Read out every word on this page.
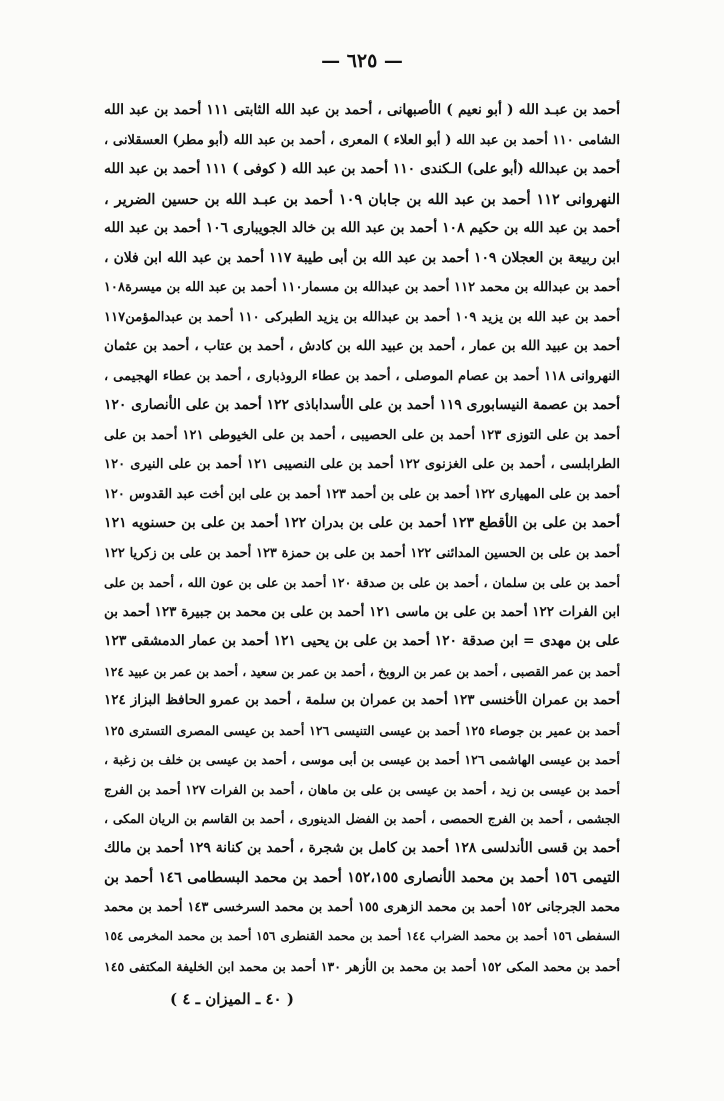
— ٦٢٥ —
أحمد بن عبـد الله ( أبو نعيم ) الأصبهانى ، أحمد بن عبد الله الثابتى ١١١ أحمد بن عبد الله
الشامى ١١٠ أحمد بن عبد الله ( أبو العلاء ) المعرى ، أحمد بن عبد الله (أبو مطر) العسقلانى ،
أحمد بن عبدالله (أبو على) الـكندى ١١٠ أحمد بن عبد الله ( كوفى ) ١١١ أحمد بن عبد الله
النهروانى ١١٢ أحمد بن عبد الله بن جابان ١٠٩ أحمد بن عبـد الله بن حسين الضرير ،
أحمد بن عبد الله بن حكيم ١٠٨ أحمد بن عبد الله بن خالد الجويبارى ١٠٦ أحمد بن عبد الله
ابن ربيعة بن العجلان ١٠٩ أحمد بن عبد الله بن أبى طيبة ١١٧ أحمد بن عبد الله ابن فلان ،
أحمد بن عبدالله بن محمد ١١٢ أحمد بن عبدالله بن مسمار١١٠ أحمد بن عبد الله بن ميسرة١٠٨
أحمد بن عبد الله بن يزيد ١٠٩ أحمد بن عبدالله بن يزيد الطبركى ١١٠ أحمد بن عبدالمؤمن١١٧
أحمد بن عبيد الله بن عمار ، أحمد بن عبيد الله بن كادش ، أحمد بن عتاب ، أحمد بن عثمان
النهروانى ١١٨ أحمد بن عصام الموصلى ، أحمد بن عطاء الروذبارى ، أحمد بن عطاء الهجيمى ،
أحمد بن عصمة النيسابورى ١١٩ أحمد بن على الأسداباذى ١٢٢ أحمد بن على الأنصارى ١٢٠
أحمد بن على التوزى ١٢٣ أحمد بن على الحصيبى ، أحمد بن على الخيوطى ١٢١ أحمد بن على
الطرابلسى ، أحمد بن على الغزنوى ١٢٢ أحمد بن على النصيبى ١٢١ أحمد بن على النيرى ١٢٠
أحمد بن على المهيارى ١٢٢ أحمد بن على بن أحمد ١٢٣ أحمد بن على ابن أخت عبد القدوس ١٢٠
أحمد بن على بن الأقطع ١٢٣ أحمد بن على بن بدران ١٢٢ أحمد بن على بن حسنويه ١٢١
أحمد بن على بن الحسين المدائنى ١٢٢ أحمد بن على بن حمزة ١٢٣ أحمد بن على بن زكريا ١٢٢
أحمد بن على بن سلمان ، أحمد بن على بن صدقة ١٢٠ أحمد بن على بن عون الله ، أحمد بن على
ابن الفرات ١٢٢ أحمد بن على بن ماسى ١٢١ أحمد بن على بن محمد بن جبيرة ١٢٣ أحمد بن
على بن مهدى = ابن صدقة ١٢٠ أحمد بن على بن يحيى ١٢١ أحمد بن عمار الدمشقى ١٢٣
أحمد بن عمر القصبى ، أحمد بن عمر بن الروبخ ، أحمد بن عمر بن سعيد ، أحمد بن عمر بن عبيد ١٢٤
أحمد بن عمران الأخنسى ١٢٣ أحمد بن عمران بن سلمة ، أحمد بن عمرو الحافظ البزاز ١٢٤
أحمد بن عمير بن جوصاء ١٢٥ أحمد بن عيسى التنيسى ١٢٦ أحمد بن عيسى المصرى التسترى ١٢٥
أحمد بن عيسى الهاشمى ١٢٦ أحمد بن عيسى بن أبى موسى ، أحمد بن عيسى بن خلف بن زغبة ،
أحمد بن عيسى بن زيد ، أحمد بن عيسى بن على بن ماهان ، أحمد بن الفرات ١٢٧ أحمد بن الفرج
الجشمى ، أحمد بن الفرج الحمصى ، أحمد بن الفضل الدينورى ، أحمد بن القاسم بن الريان المكى ،
أحمد بن قسى الأندلسى ١٢٨ أحمد بن كامل بن شجرة ، أحمد بن كنانة ١٢٩ أحمد بن مالك
التيمى ١٥٦ أحمد بن محمد الأنصارى ١٥٢،١٥٥ أحمد بن محمد البسطامى ١٤٦ أحمد بن
محمد الجرجانى ١٥٢ أحمد بن محمد الزهرى ١٥٥ أحمد بن محمد السرخسى ١٤٣ أحمد بن محمد
السفطى ١٥٦ أحمد بن محمد الضراب ١٤٤ أحمد بن محمد القنطرى ١٥٦ أحمد بن محمد المخرمى ١٥٤
أحمد بن محمد المكى ١٥٢ أحمد بن محمد بن الأزهر ١٣٠ أحمد بن محمد ابن الخليفة المكتفى ١٤٥
( ٤٠ ـ الميزان ـ ٤ )
